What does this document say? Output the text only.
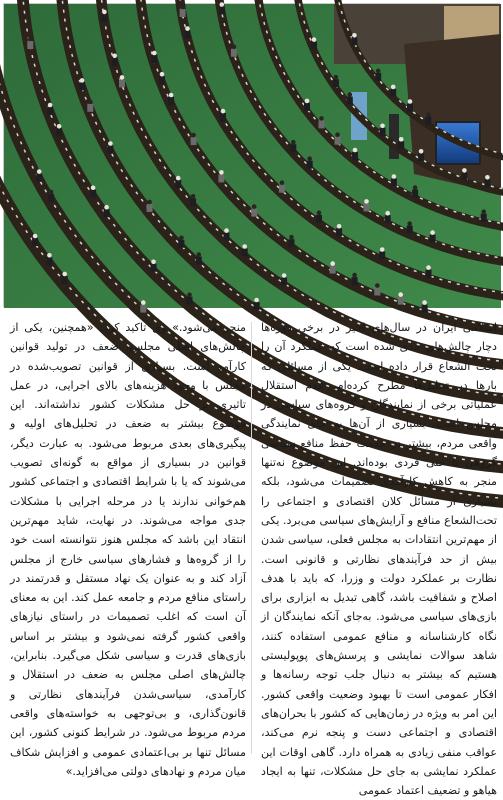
اسلامی ایران در سال‌های اخیر در برخی دوره‌ها دچار چالش‌های جدی شده است که عملکرد آن را تحت الشعاع قرار داده است. یکی از مسائلی که بارها در تحلیل‌ها مطرح کرده‌ام، عدم استقلال عملیاتی برخی از نمایندگان و گروه‌های سیاسی در مجلس است. بسیاری از آن‌ها به جای نمایندگی واقعی مردم، بیشتر در خدمت حفظ منافع سیاسی گروهی یا حتی فردی بوده‌اند. این موضوع نه‌تنها منجر به کاهش کارآمدی تصمیمات می‌شود، بلکه بسیاری از مسائل کلان اقتصادی و اجتماعی را تحت‌الشعاع منافع و آرایش‌های سیاسی می‌برد. یکی از مهم‌ترین انتقادات به مجلس فعلی، سیاسی شدن بیش از حد فرآیندهای نظارتی و قانونی است. نظارت بر عملکرد دولت و وزرا، که باید با هدف اصلاح و شفافیت باشد، گاهی تبدیل به ابزاری برای بازی‌های سیاسی می‌شود. به‌جای آنکه نمایندگان از نگاه کارشناسانه و منافع عمومی استفاده کنند، شاهد سوالات نمایشی و پرسش‌های پوپولیستی هستیم که بیشتر به دنبال جلب توجه رسانه‌ها و افکار عمومی است تا بهبود وضعیت واقعی کشور. این امر به ویژه در زمان‌هایی که کشور با بحران‌های اقتصادی و اجتماعی دست و پنجه نرم می‌کند، عواقب منفی زیادی به همراه دارد. گاهی اوقات این عملکرد نمایشی به جای حل مشکلات، تنها به ایجاد هیاهو و تضعیف اعتماد عمومی
منجر می‌شود.» وی تاکید کرد: «همچنین، یکی از چالش‌های اصلی مجلس، ضعف در تولید قوانین کارآمد است. بسیاری از قوانین تصویب‌شده در مجلس با وجود هزینه‌های بالای اجرایی، در عمل تاثیری بر حل مشکلات کشور نداشته‌اند. این موضوع بیشتر به ضعف در تحلیل‌های اولیه و پیگیری‌های بعدی مربوط می‌شود. به عبارت دیگر، قوانین در بسیاری از مواقع به گونه‌ای تصویب می‌شوند که یا با شرایط اقتصادی و اجتماعی کشور هم‌خوانی ندارند یا در مرحله اجرایی با مشکلات جدی مواجه می‌شوند. در نهایت، شاید مهم‌ترین انتقاد این باشد که مجلس هنوز نتوانسته است خود را از گروه‌ها و فشارهای سیاسی خارج از مجلس آزاد کند و به عنوان یک نهاد مستقل و قدرتمند در راستای منافع مردم و جامعه عمل کند. این به معنای آن است که اغلب تصمیمات در راستای نیازهای واقعی کشور گرفته نمی‌شود و بیشتر بر اساس بازی‌های قدرت و سیاسی شکل می‌گیرد. بنابراین، چالش‌های اصلی مجلس به ضعف در استقلال و کارآمدی، سیاسی‌شدن فرآیندهای نظارتی و قانون‌گذاری، و بی‌توجهی به خواسته‌های واقعی مردم مربوط می‌شود. در شرایط کنونی کشور، این مسائل تنها بر بی‌اعتمادی عمومی و افزایش شکاف میان مردم و نهادهای دولتی می‌افزاید.»
